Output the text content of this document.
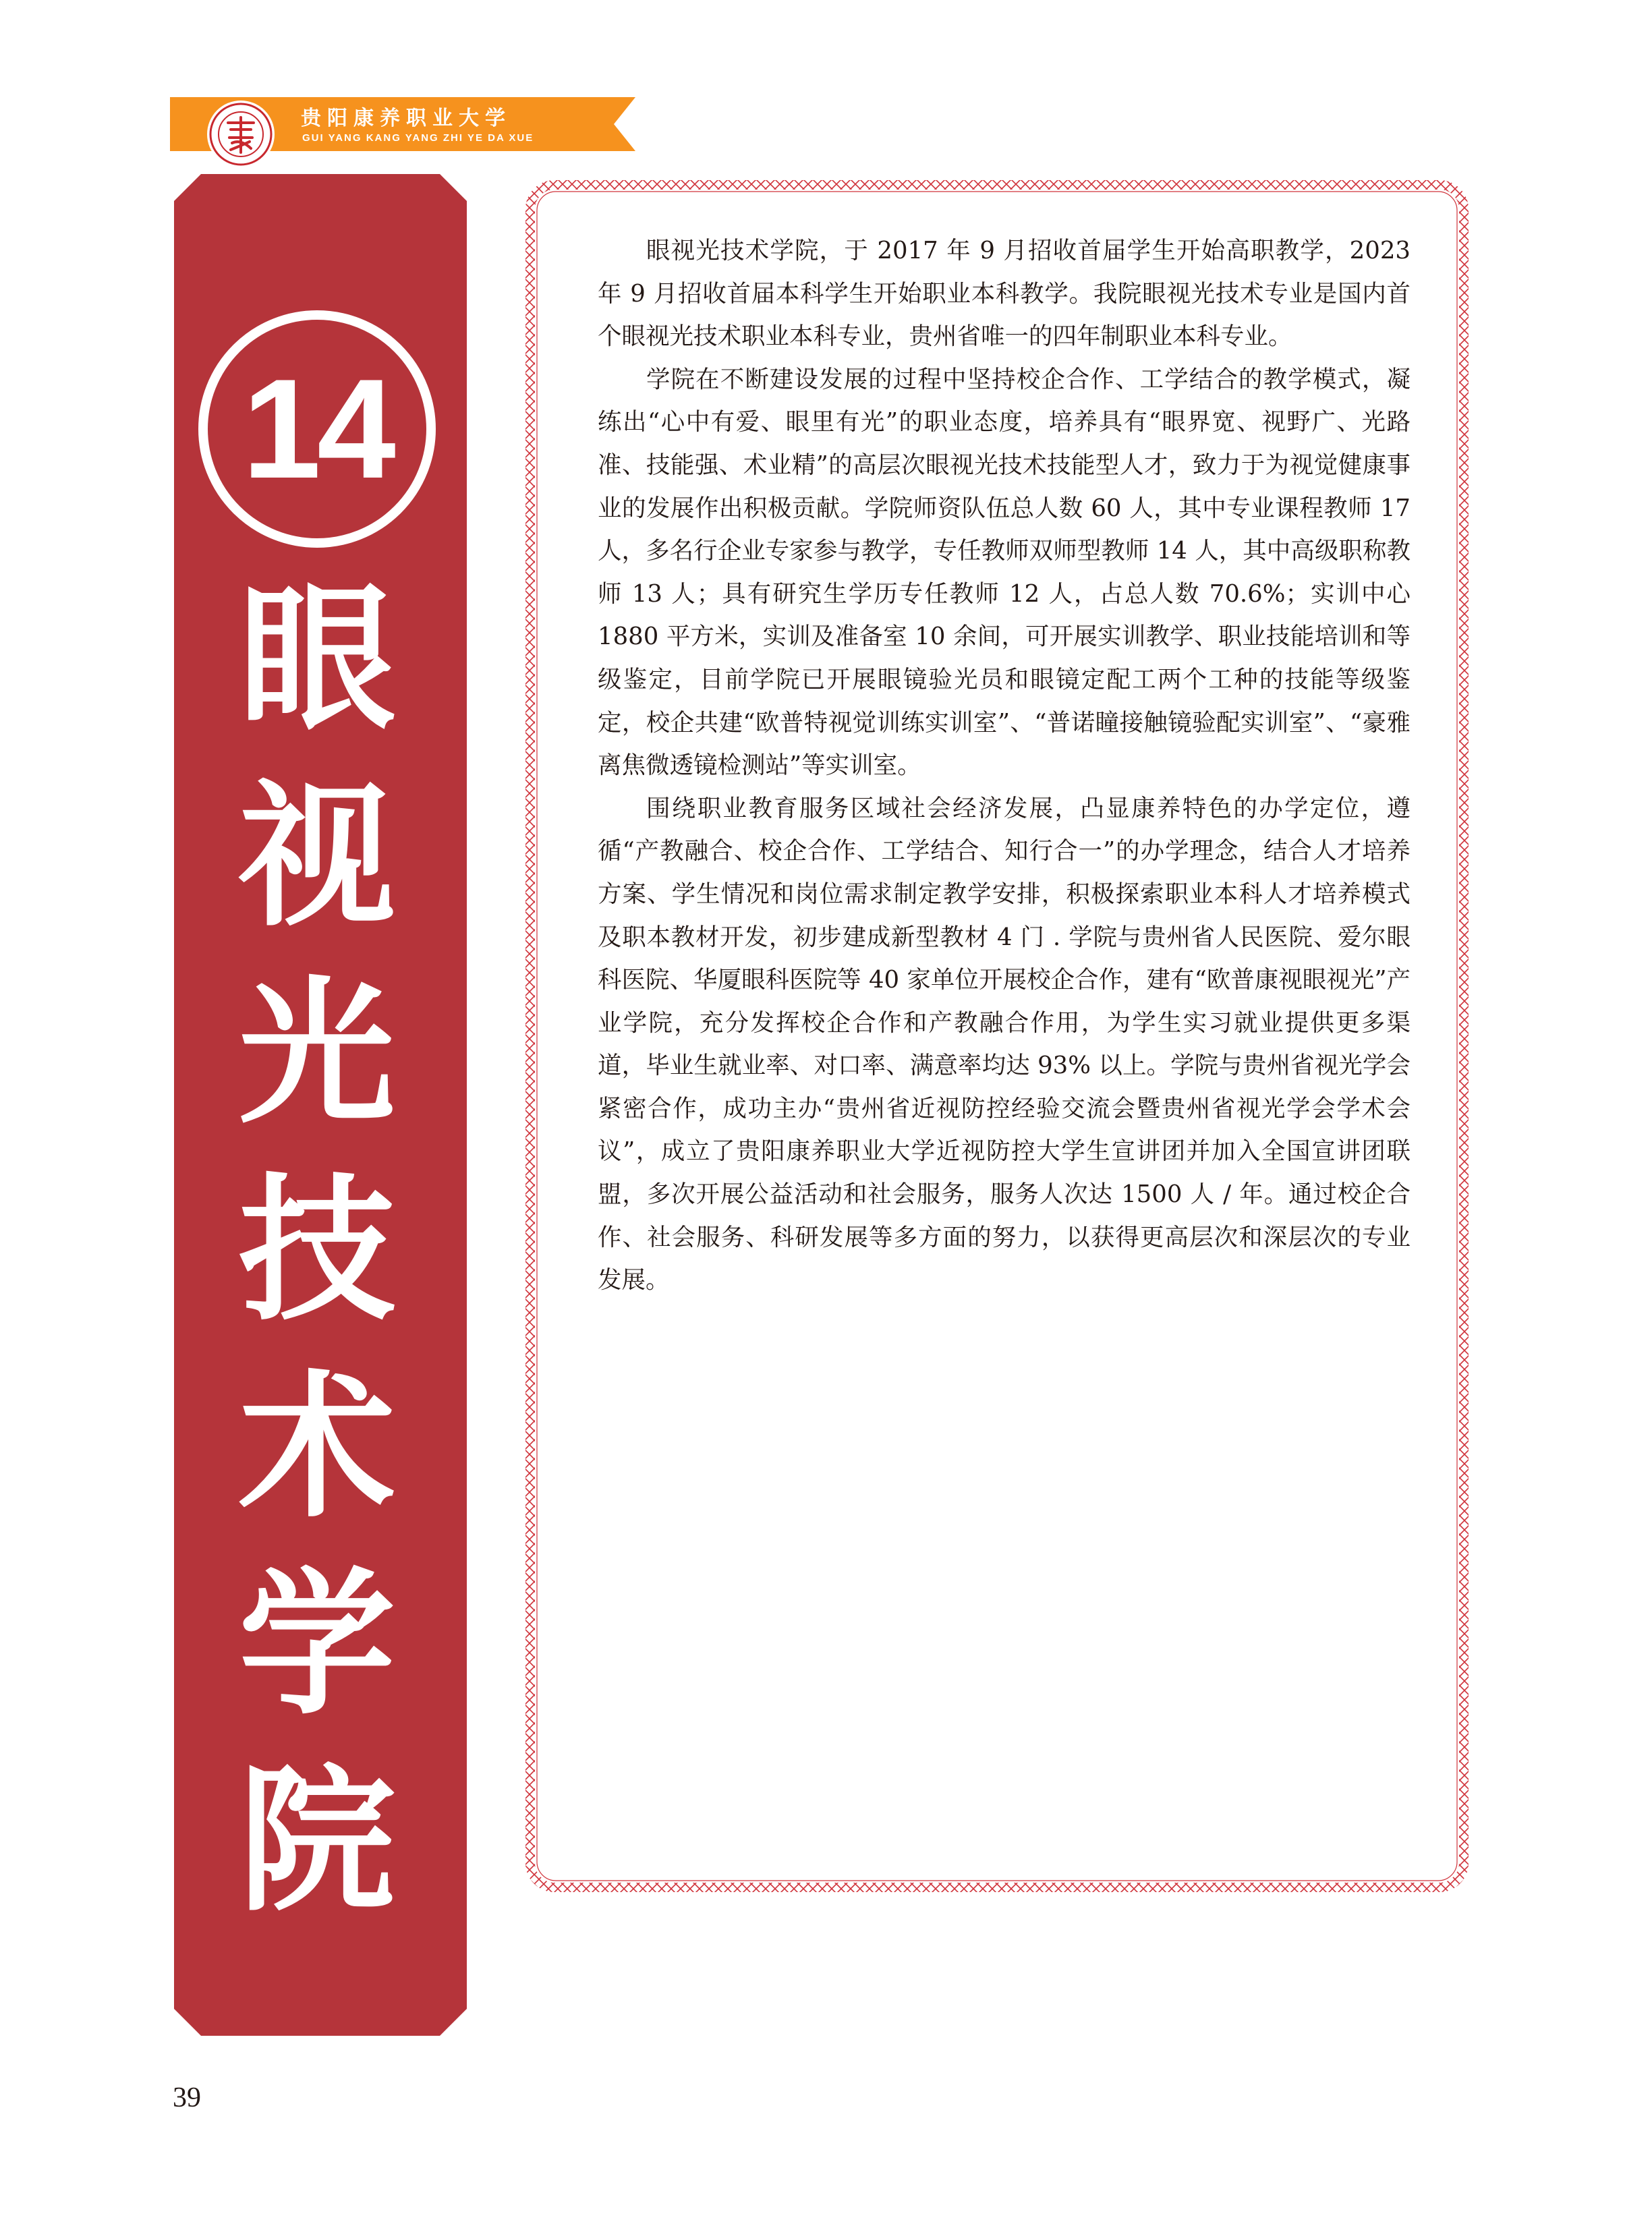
贵阳康养职业大学
GUI YANG KANG YANG ZHI YE DA XUE
14
眼
视
光
技
术
学
院

眼视光技术学院，于 2017 年 9 月招收首届学生开始高职教学，2023 年 9 月招收首届本科学生开始职业本科教学。我院眼视光技术专业是国内首个眼视光技术职业本科专业，贵州省唯一的四年制职业本科专业。

学院在不断建设发展的过程中坚持校企合作、工学结合的教学模式，凝练出“心中有爱、眼里有光”的职业态度，培养具有“眼界宽、视野广、光路准、技能强、术业精”的高层次眼视光技术技能型人才，致力于为视觉健康事业的发展作出积极贡献。学院师资队伍总人数 60 人，其中专业课程教师 17 人，多名行企业专家参与教学，专任教师双师型教师 14 人，其中高级职称教师 13 人；具有研究生学历专任教师 12 人，占总人数 70.6%；实训中心 1880 平方米，实训及准备室 10 余间，可开展实训教学、职业技能培训和等级鉴定，目前学院已开展眼镜验光员和眼镜定配工两个工种的技能等级鉴定，校企共建“欧普特视觉训练实训室”、“普诺瞳接触镜验配实训室”、“豪雅离焦微透镜检测站”等实训室。

围绕职业教育服务区域社会经济发展，凸显康养特色的办学定位，遵循“产教融合、校企合作、工学结合、知行合一”的办学理念，结合人才培养方案、学生情况和岗位需求制定教学安排，积极探索职业本科人才培养模式及职本教材开发，初步建成新型教材 4 门 . 学院与贵州省人民医院、爱尔眼科医院、华厦眼科医院等 40 家单位开展校企合作，建有“欧普康视眼视光”产业学院，充分发挥校企合作和产教融合作用，为学生实习就业提供更多渠道，毕业生就业率、对口率、满意率均达 93% 以上。学院与贵州省视光学会紧密合作，成功主办“贵州省近视防控经验交流会暨贵州省视光学会学术会议”，成立了贵阳康养职业大学近视防控大学生宣讲团并加入全国宣讲团联盟，多次开展公益活动和社会服务，服务人次达 1500 人 / 年。通过校企合作、社会服务、科研发展等多方面的努力，以获得更高层次和深层次的专业发展。

39
